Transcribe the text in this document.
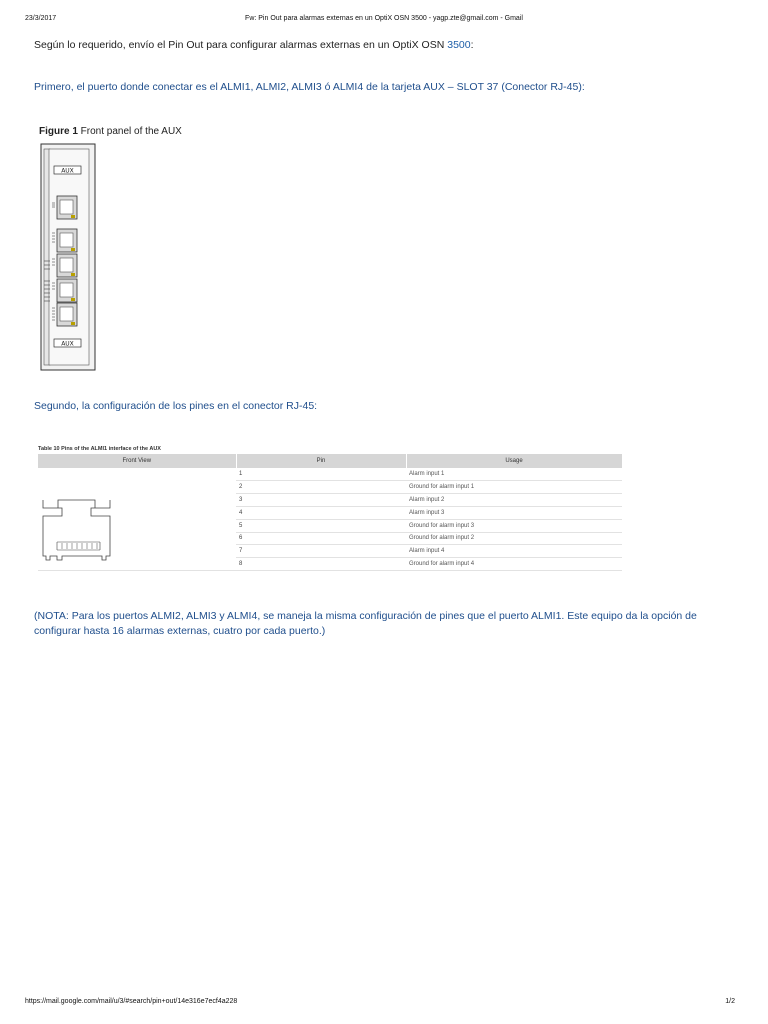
23/3/2017	Fw: Pin Out para alarmas externas en un OptiX OSN 3500 - yagp.zte@gmail.com - Gmail
Según lo requerido, envío el Pin Out para configurar alarmas externas en un OptiX OSN 3500:
Primero, el puerto donde conectar es el ALMI1, ALMI2, ALMI3 ó ALMI4 de la tarjeta AUX – SLOT 37 (Conector RJ-45):
Figure 1 Front panel of the AUX
AUX
AUX
Segundo, la configuración de los pines en el conector RJ-45:
Table 10 Pins of the ALMI1 interface of the AUX
Front View	Pin	Usage
	1	Alarm input 1
	2	Ground for alarm input 1
	3	Alarm input 2
	4	Alarm input 3
	5	Ground for alarm input 3
	6	Ground for alarm input 2
	7	Alarm input 4
	8	Ground for alarm input 4
(NOTA: Para los puertos ALMI2, ALMI3 y ALMI4, se maneja la misma configuración de pines que el puerto ALMI1. Este equipo da la opción de configurar hasta 16 alarmas externas, cuatro por cada puerto.)
https://mail.google.com/mail/u/3/#search/pin+out/14e316e7ecf4a228	1/2
